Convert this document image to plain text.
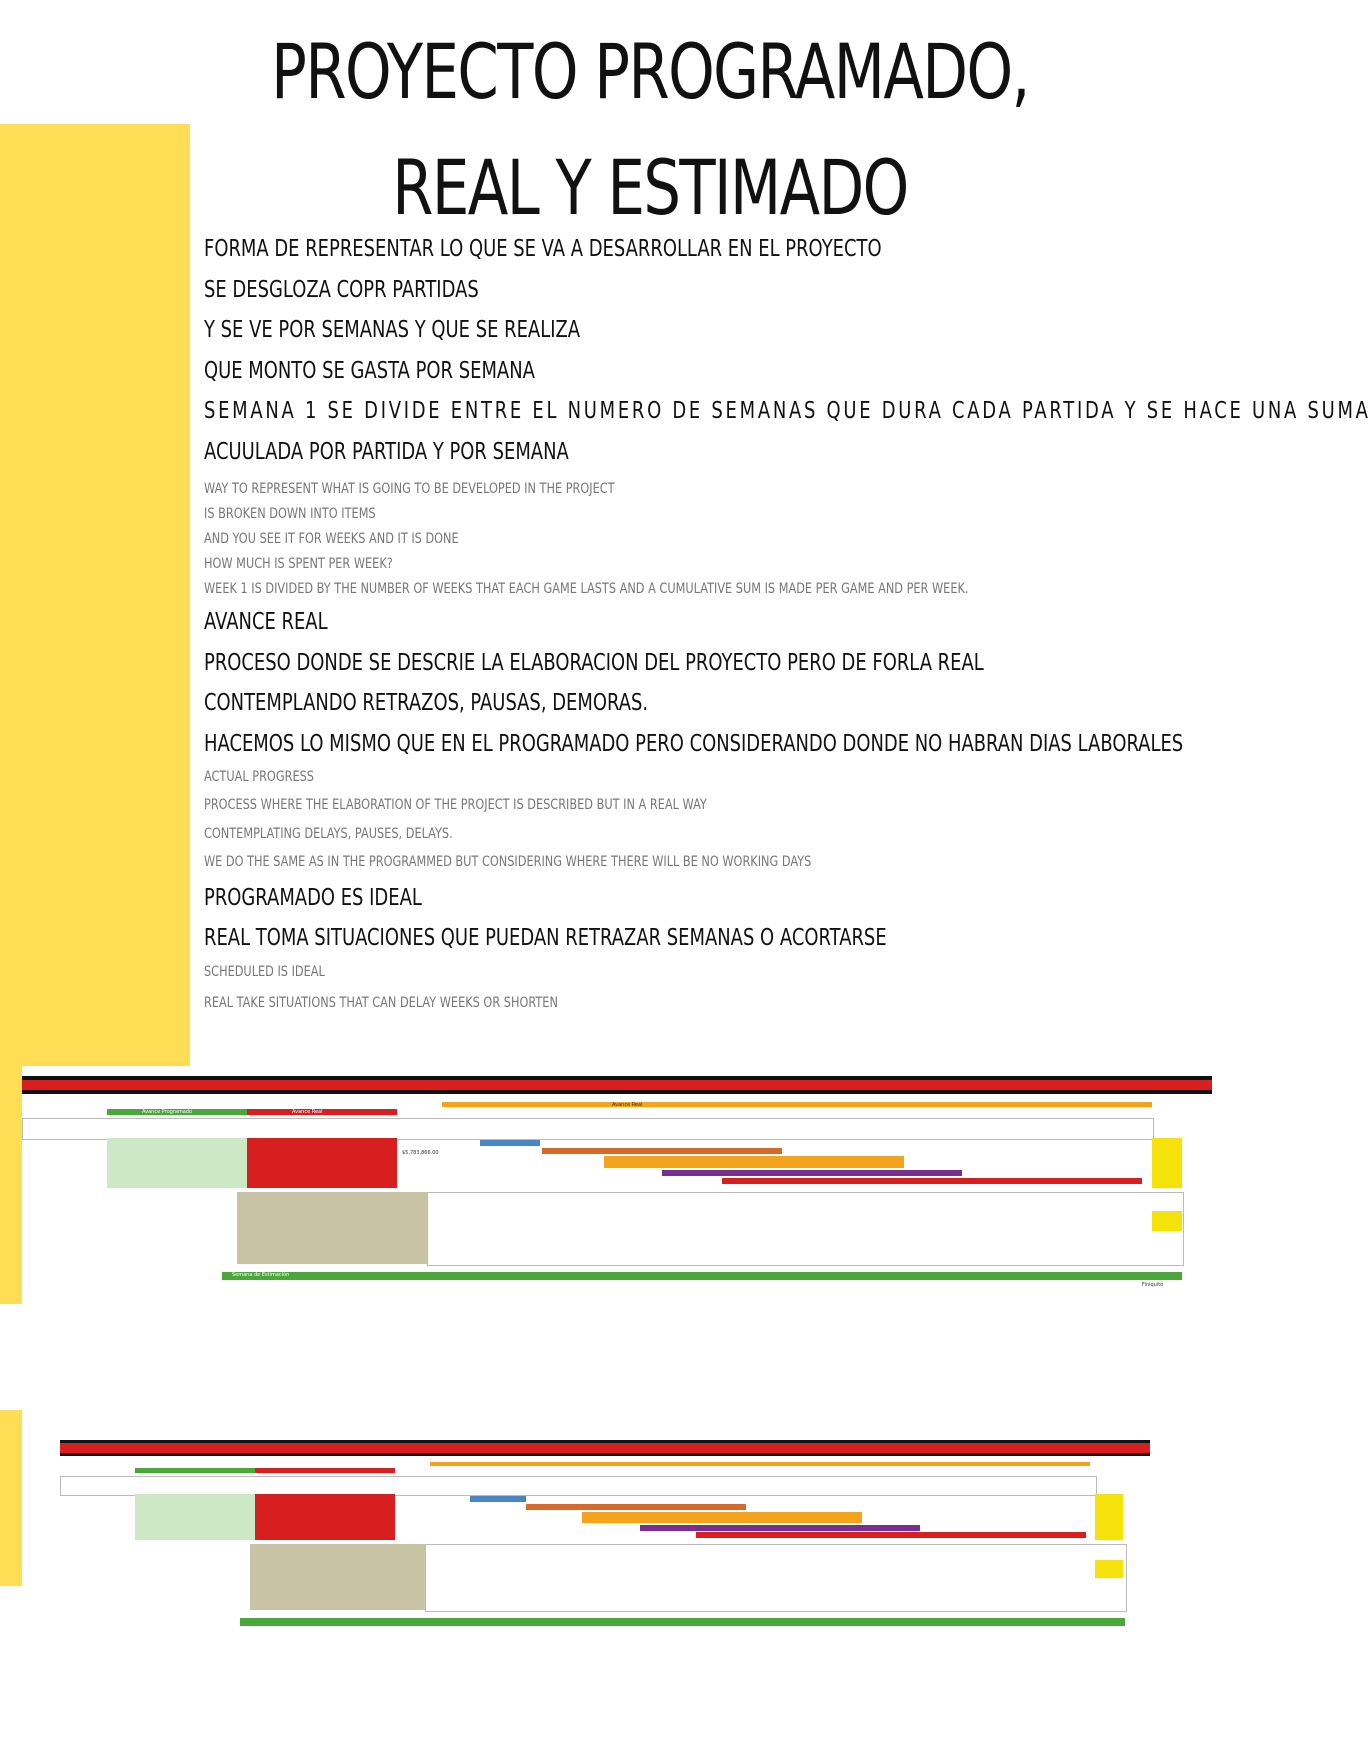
PROYECTO PROGRAMADO, REAL Y ESTIMADO
FORMA DE REPRESENTAR LO QUE SE VA A DESARROLLAR EN EL PROYECTO
SE DESGLOZA COPR PARTIDAS
Y SE VE POR SEMANAS Y QUE SE REALIZA
QUE MONTO SE GASTA POR SEMANA
SEMANA 1 SE DIVIDE ENTRE EL NUMERO DE SEMANAS QUE DURA CADA PARTIDA Y SE HACE UNA SUMA
ACUULADA POR PARTIDA Y POR SEMANA
WAY TO REPRESENT WHAT IS GOING TO BE DEVELOPED IN THE PROJECT
IS BROKEN DOWN INTO ITEMS
AND YOU SEE IT FOR WEEKS AND IT IS DONE
HOW MUCH IS SPENT PER WEEK?
WEEK 1 IS DIVIDED BY THE NUMBER OF WEEKS THAT EACH GAME LASTS AND A CUMULATIVE SUM IS MADE PER GAME AND PER WEEK.
AVANCE REAL
PROCESO DONDE SE DESCRIE LA ELABORACION DEL PROYECTO PERO DE FORLA REAL
CONTEMPLANDO RETRAZOS, PAUSAS, DEMORAS.
HACEMOS LO MISMO QUE EN EL PROGRAMADO PERO CONSIDERANDO DONDE NO HABRAN DIAS LABORALES
ACTUAL PROGRESS
PROCESS WHERE THE ELABORATION OF THE PROJECT IS DESCRIBED BUT IN A REAL WAY
CONTEMPLATING DELAYS, PAUSES, DELAYS.
WE DO THE SAME AS IN THE PROGRAMMED BUT CONSIDERING WHERE THERE WILL BE NO WORKING DAYS
PROGRAMADO ES IDEAL
REAL TOMA SITUACIONES QUE PUEDAN RETRAZAR SEMANAS O ACORTARSE
SCHEDULED IS IDEAL
REAL TAKE SITUATIONS THAT CAN DELAY WEEKS OR SHORTEN
Avance Real
Avance Programado	Avance Real
Semana de Estimación
Finiquito
$5,783,866.00
